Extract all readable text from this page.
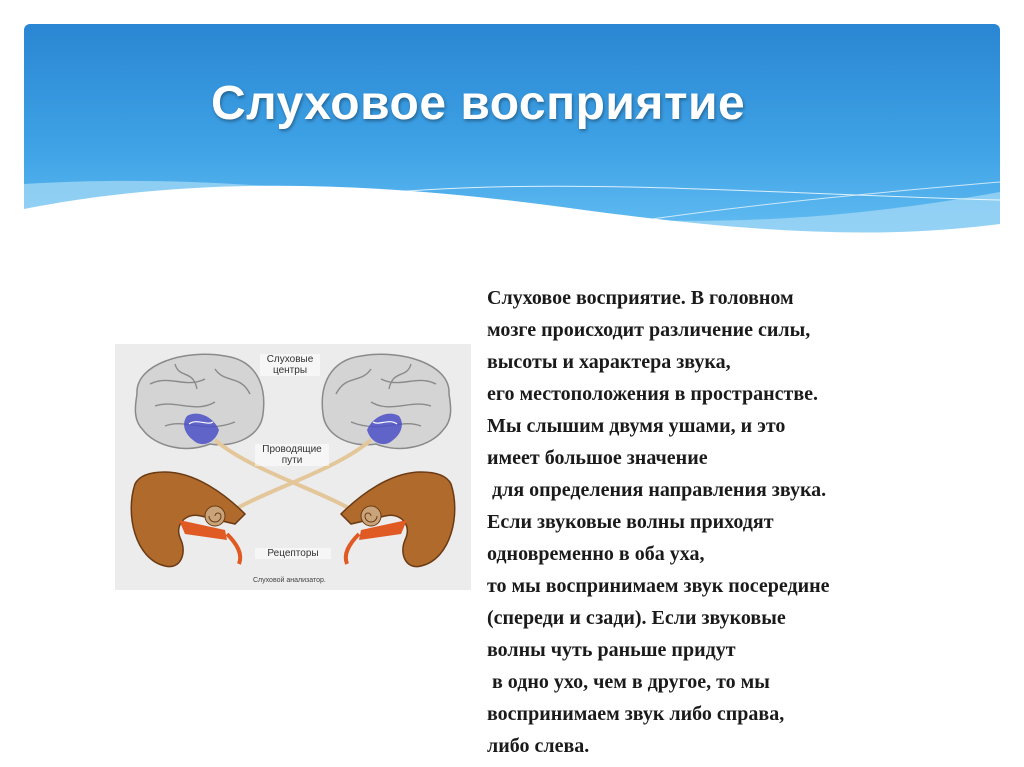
Слуховое восприятие
Слуховые центры
Проводящие пути
Рецепторы
Слуховой анализатор.
Слуховое восприятие. В головном
мозге происходит различение силы,
высоты и характера звука,
его местоположения в пространстве.
Мы слышим двумя ушами, и это
имеет большое значение
для определения направления звука.
Если звуковые волны приходят
одновременно в оба уха,
то мы воспринимаем звук посередине
(спереди и сзади). Если звуковые
волны чуть раньше придут
в одно ухо, чем в другое, то мы
воспринимаем звук либо справа,
либо слева.
